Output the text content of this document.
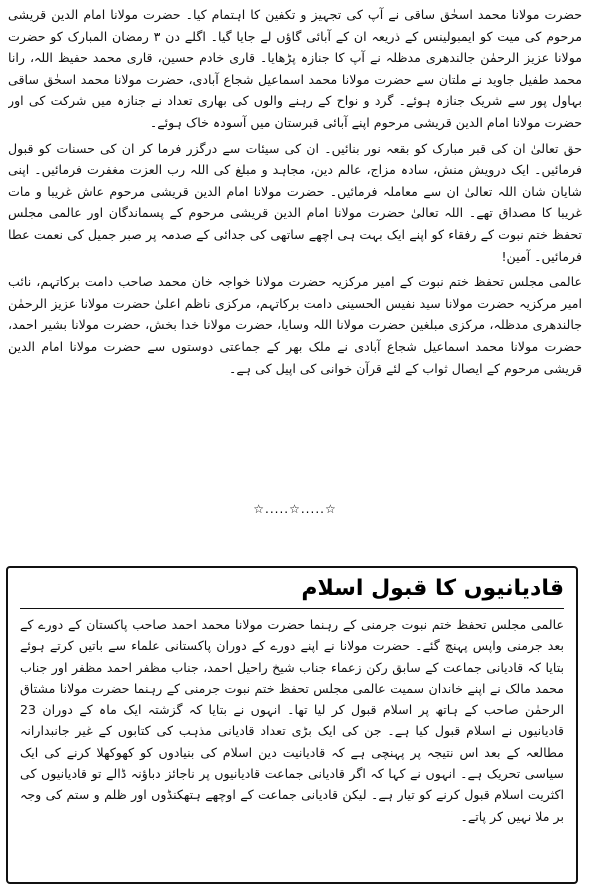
حضرت مولانا محمد اسحٰق ساقی نے آپ کی تجہیز و تکفین کا اہتمام کیا۔ حضرت مولانا امام الدین قریشی مرحوم کی میت کو ایمبولینس کے ذریعہ ان کے آبائی گاؤں لے جایا گیا۔ اگلے دن ۳ رمضان المبارک کو حضرت مولانا عزیز الرحمٰن جالندھری مدظلہ نے آپ کا جنازہ پڑھایا۔ قاری خادم حسین، قاری محمد حفیظ اللہ، رانا محمد طفیل جاوید نے ملتان سے حضرت مولانا محمد اسماعیل شجاع آبادی، حضرت مولانا محمد اسحٰق ساقی بہاول پور سے شریک جنازہ ہوئے۔ گرد و نواح کے رہنے والوں کی بھاری تعداد نے جنازہ میں شرکت کی اور حضرت مولانا امام الدین قریشی مرحوم اپنے آبائی قبرستان میں آسودہ خاک ہوئے۔

حق تعالیٰ ان کی قبر مبارک کو بقعہ نور بنائیں۔ ان کی سیئات سے درگزر فرما کر ان کی حسنات کو قبول فرمائیں۔ ایک درویش منش، سادہ مزاج، عالم دین، مجاہد و مبلغ کی اللہ رب العزت مغفرت فرمائیں۔ اپنی شایان شان اللہ تعالیٰ ان سے معاملہ فرمائیں۔ حضرت مولانا امام الدین قریشی مرحوم عاش غریبا و مات غریبا کا مصداق تھے۔ اللہ تعالیٰ حضرت مولانا امام الدین قریشی مرحوم کے پسماندگان اور عالمی مجلس تحفظ ختم نبوت کے رفقاء کو اپنے ایک بہت ہی اچھے ساتھی کی جدائی کے صدمہ پر صبر جمیل کی نعمت عطا فرمائیں۔ آمین!

عالمی مجلس تحفظ ختم نبوت کے امیر مرکزیہ حضرت مولانا خواجہ خان محمد صاحب دامت برکاتہم، نائب امیر مرکزیہ حضرت مولانا سید نفیس الحسینی دامت برکاتہم، مرکزی ناظم اعلیٰ حضرت مولانا عزیز الرحمٰن جالندھری مدظلہ، مرکزی مبلغین حضرت مولانا اللہ وسایا، حضرت مولانا خدا بخش، حضرت مولانا بشیر احمد، حضرت مولانا محمد اسماعیل شجاع آبادی نے ملک بھر کے جماعتی دوستوں سے حضرت مولانا امام الدین قریشی مرحوم کے ایصال ثواب کے لئے قرآن خوانی کی اپیل کی ہے۔

☆.....☆.....☆
قادیانیوں کا قبول اسلام

عالمی مجلس تحفظ ختم نبوت جرمنی کے رہنما حضرت مولانا محمد احمد صاحب پاکستان کے دورے کے بعد جرمنی واپس پہنچ گئے۔ حضرت مولانا نے اپنے دورے کے دوران پاکستانی علماء سے باتیں کرتے ہوئے بتایا کہ قادیانی جماعت کے سابق رکن زعماء جناب شیخ راحیل احمد، جناب مظفر احمد مظفر اور جناب محمد مالک نے اپنے خاندان سمیت عالمی مجلس تحفظ ختم نبوت جرمنی کے رہنما حضرت مولانا مشتاق الرحمٰن صاحب کے ہاتھ پر اسلام قبول کر لیا تھا۔ انہوں نے بتایا کہ گزشتہ ایک ماہ کے دوران 23 قادیانیوں نے اسلام قبول کیا ہے۔ جن کی ایک بڑی تعداد قادیانی مذہب کی کتابوں کے غیر جانبدارانہ مطالعہ کے بعد اس نتیجہ پر پہنچی ہے کہ قادیانیت دین اسلام کی بنیادوں کو کھوکھلا کرنے کی ایک سیاسی تحریک ہے۔ انہوں نے کہا کہ اگر قادیانی جماعت قادیانیوں پر ناجائز دباؤنہ ڈالے تو قادیانیوں کی اکثریت اسلام قبول کرنے کو تیار ہے۔ لیکن قادیانی جماعت کے اوچھے ہتھکنڈوں اور ظلم و ستم کی وجہ بر ملا نہیں کر پاتے۔
